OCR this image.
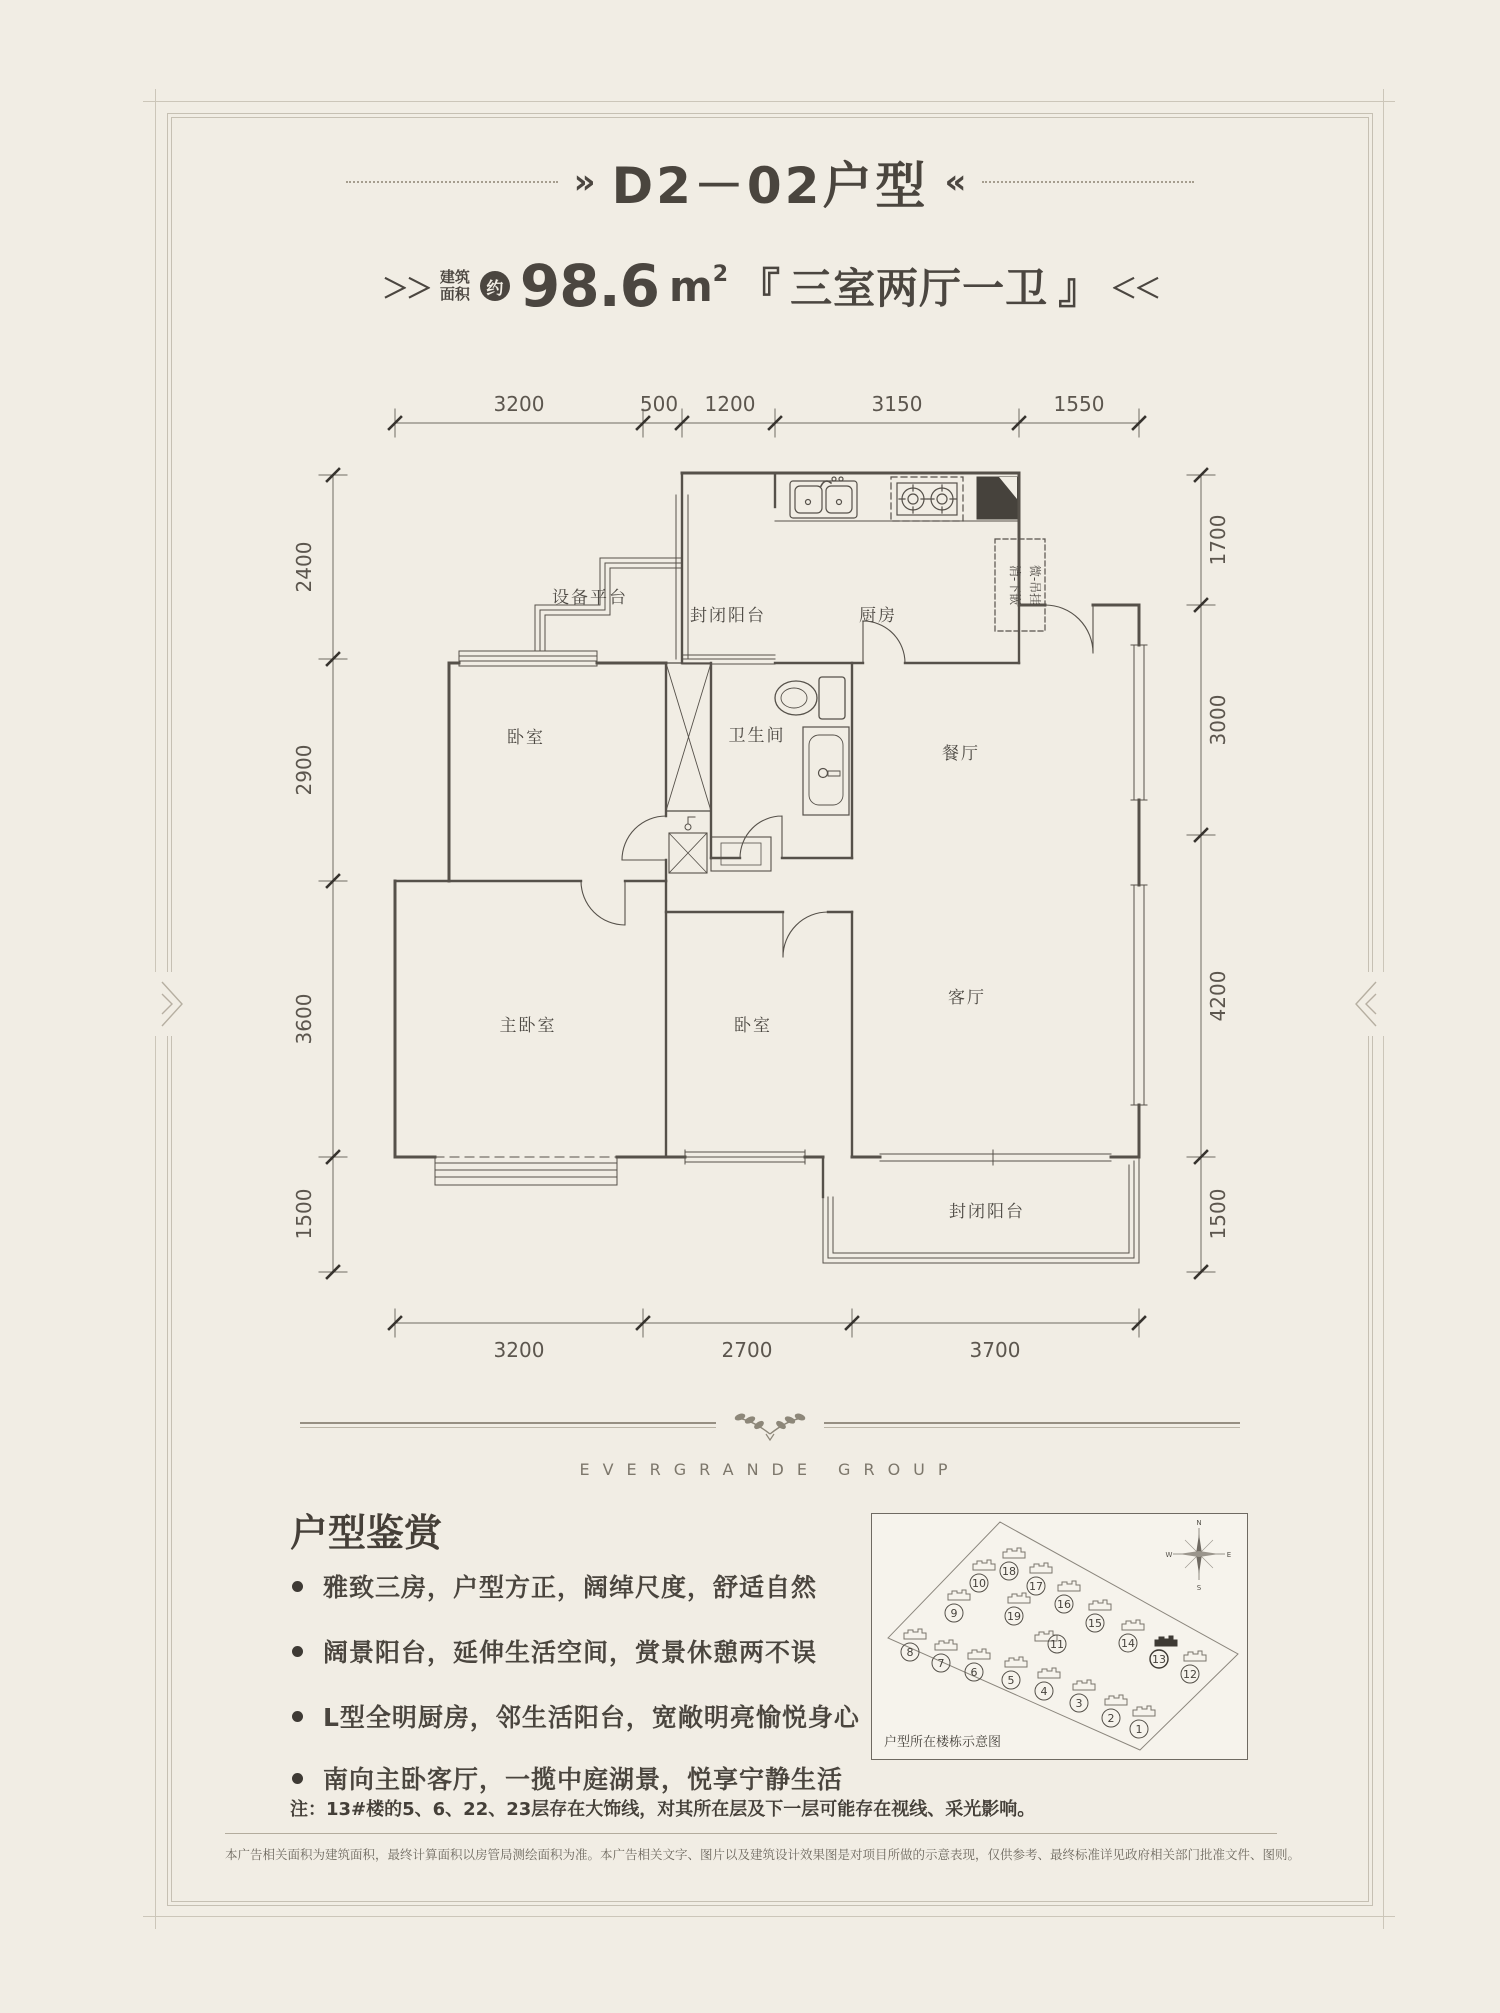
» D2－02户型 «
＞＞ 建筑
面积 约 98.6 m2 『 三室两厅一卫 』 ＜＜
3200	500 1200	3150	1550
3200	2700	3700
2400
2900
3600
1500
1700
3000
4200
1500
消-下嵌 微-吊挂
封闭阳台	厨房
设备平台
卧室	卫生间
餐厅
主卧室	卧室
客厅
封闭阳台
EVERGRANDE GROUP
户型鉴赏
雅致三房，户型方正，阔绰尺度，舒适自然
阔景阳台，延伸生活空间，赏景休憩两不误
L型全明厨房，邻生活阳台，宽敞明亮愉悦身心
南向主卧客厅，一揽中庭湖景，悦享宁静生活
注：13#楼的5、6、22、23层存在大饰线，对其所在层及下一层可能存在视线、采光影响。
本广告相关面积为建筑面积，最终计算面积以房管局测绘面积为准。本广告相关文字、图片以及建筑设计效果图是对项目所做的示意表现，仅供参考、最终标准详见政府相关部门批准文件、图则。
N
E
S
W
18
10	17
16
9	19
15
11	14
13
8
7
12
6
5
4
3
2
1
户型所在楼栋示意图
